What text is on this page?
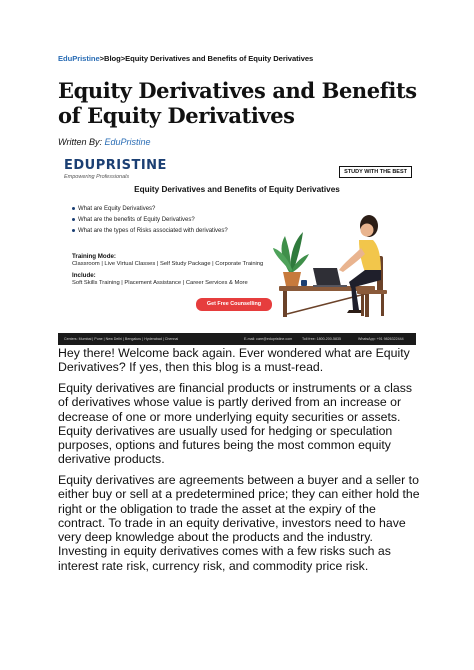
EduPristine>Blog>Equity Derivatives and Benefits of Equity Derivatives
Equity Derivatives and Benefits of Equity Derivatives
Written By: EduPristine
EDUPRISTINE
Empowering Professionals
STUDY WITH THE BEST
Equity Derivatives and Benefits of Equity Derivatives
What are Equity Derivatives?
What are the benefits of Equity Derivatives?
What are the types of Risks associated with derivatives?
Training Mode:
Classroom | Live Virtual Classes | Self Study Package | Corporate Training
Include:
Soft Skills Training | Placement Assistance | Career Services & More
Get Free Counselling
Centers: Mumbai | Pune | New Delhi | Bengaluru | Hyderabad | Chennai	E-mail: care@edupristine.com	Toll free: 1800-200-5835	WhatsApp: +91 9826322444

Hey there! Welcome back again. Ever wondered what are Equity Derivatives? If yes, then this blog is a must-read.

Equity derivatives are financial products or instruments or a class of derivatives whose value is partly derived from an increase or decrease of one or more underlying equity securities or assets. Equity derivatives are usually used for hedging or speculation purposes, options and futures being the most common equity derivative products.

Equity derivatives are agreements between a buyer and a seller to either buy or sell at a predetermined price; they can either hold the right or the obligation to trade the asset at the expiry of the contract. To trade in an equity derivative, investors need to have very deep knowledge about the products and the industry. Investing in equity derivatives comes with a few risks such as interest rate risk, currency risk, and commodity price risk.
